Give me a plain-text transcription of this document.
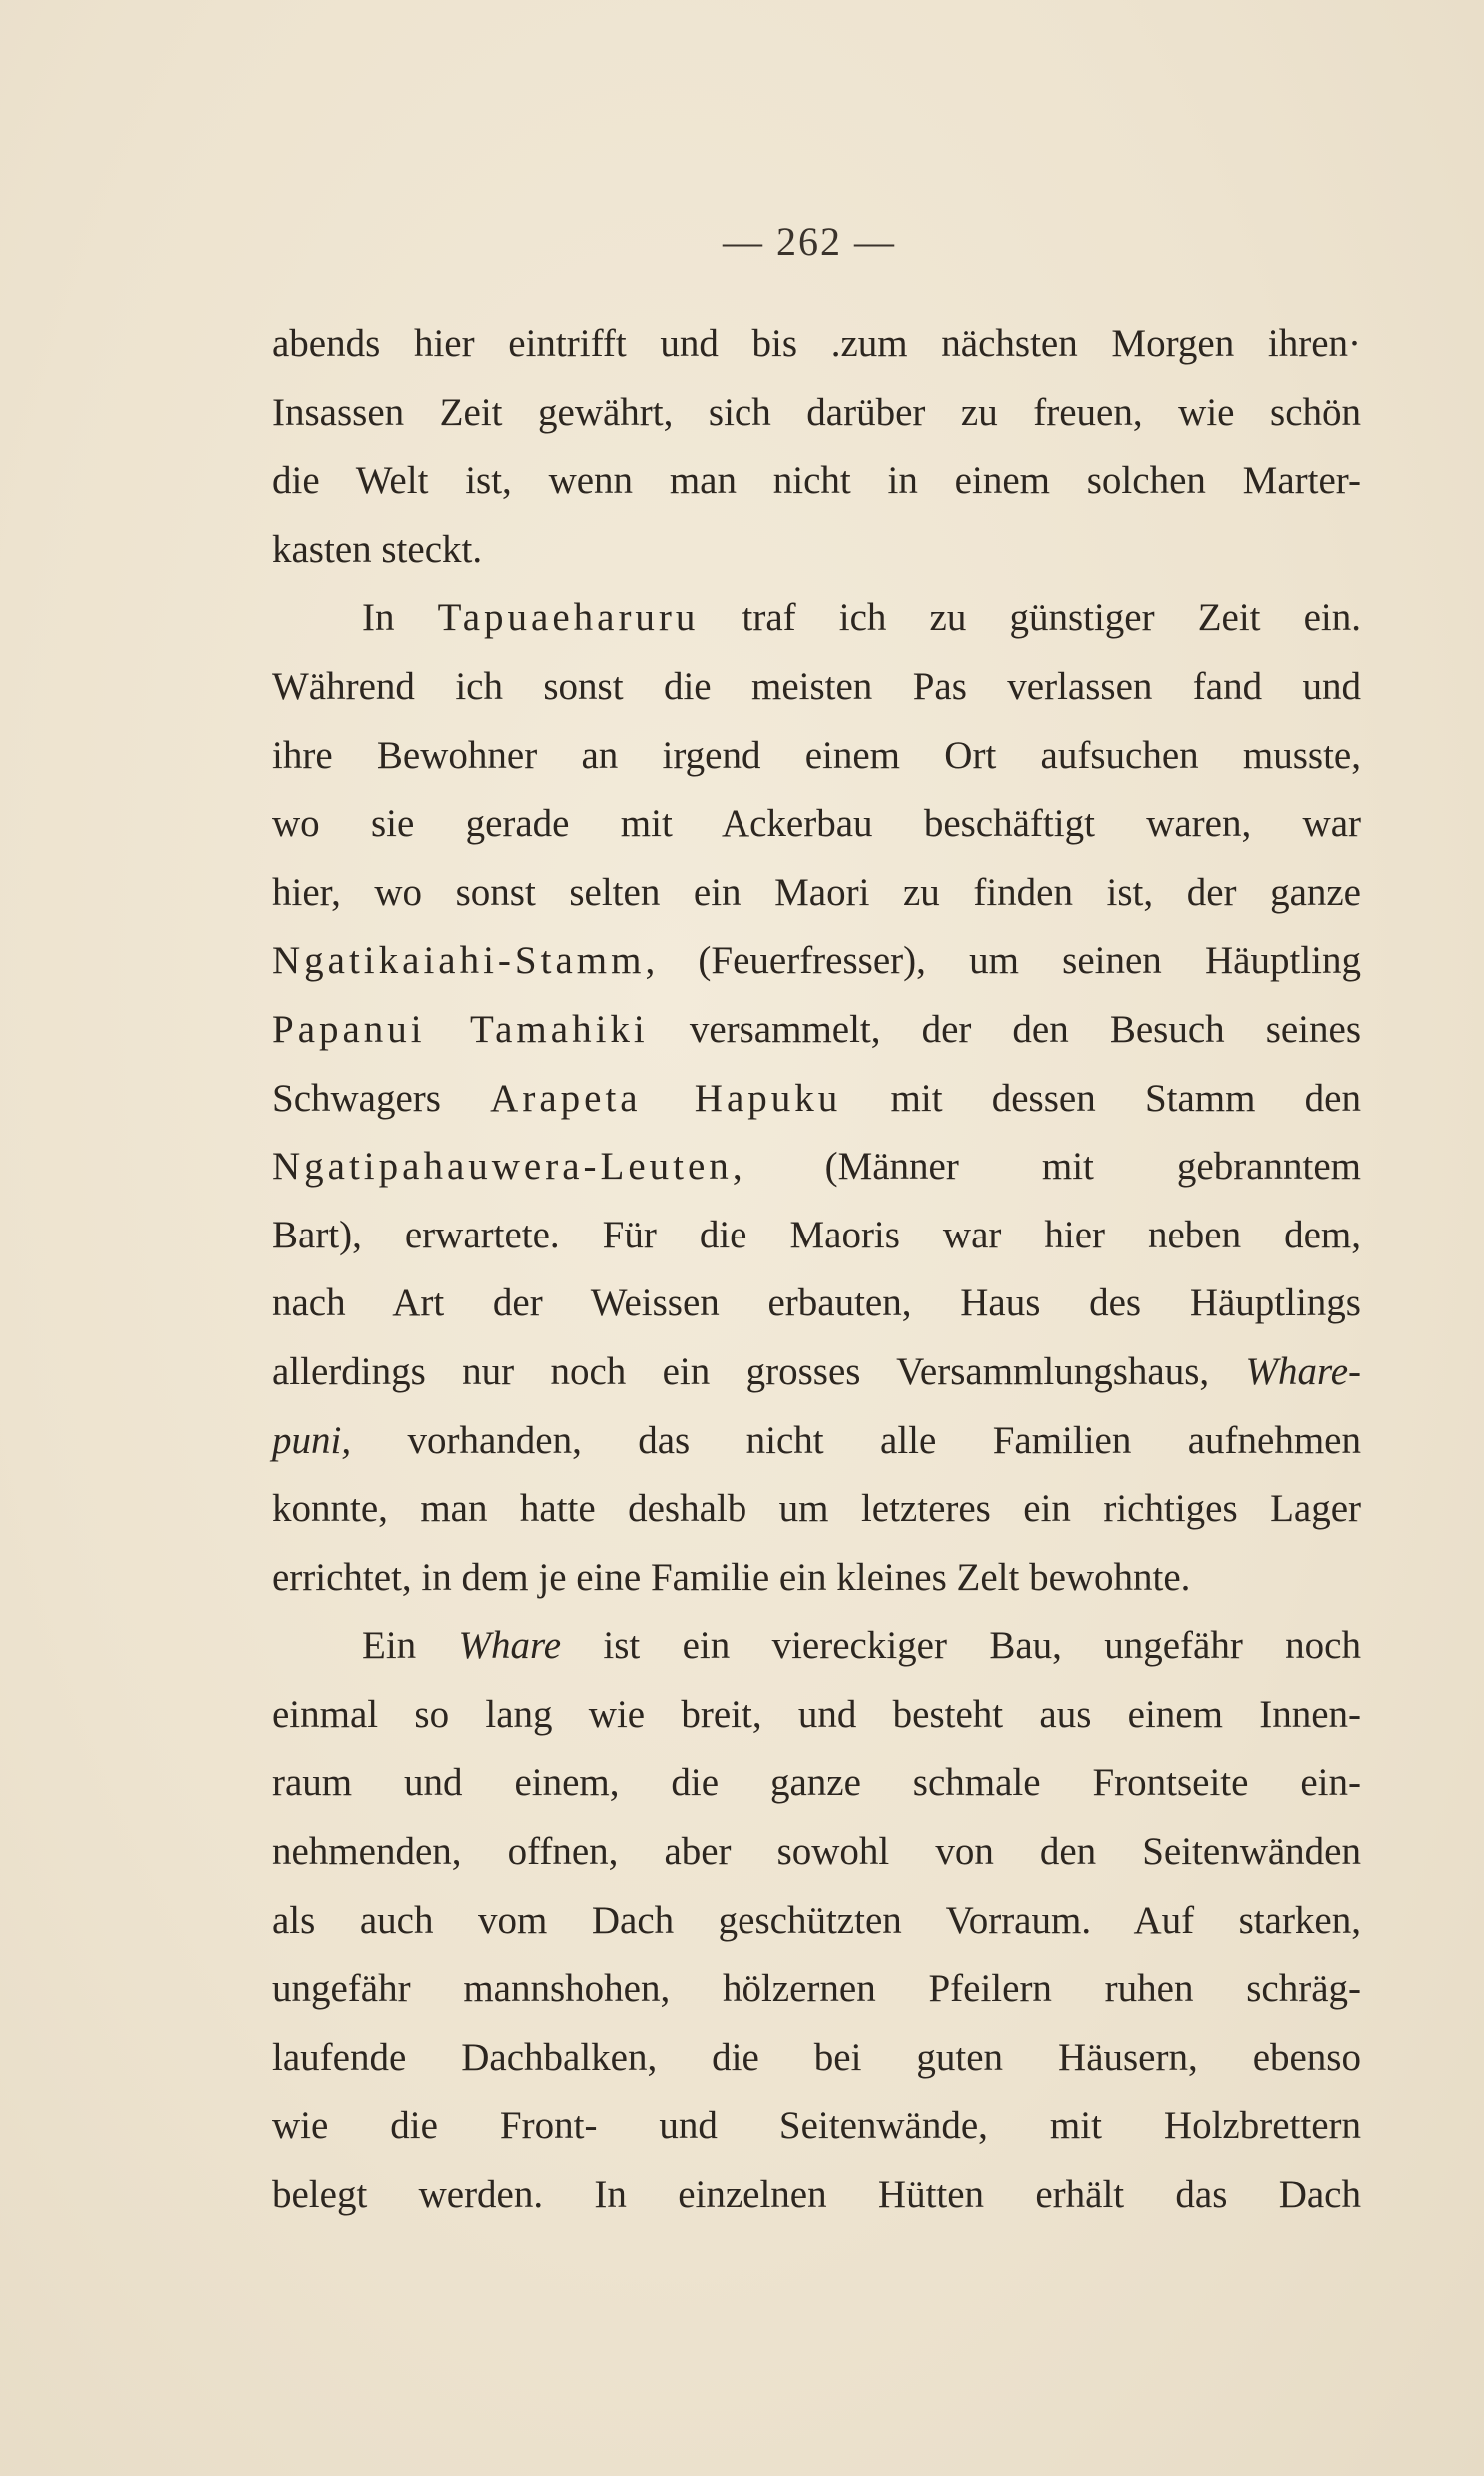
— 262 —
abends hier eintrifft und bis .zum nächsten Morgen ihren·
Insassen Zeit gewährt, sich darüber zu freuen, wie schön
die Welt ist, wenn man nicht in einem solchen Marter-
kasten steckt.
In Tapuaeharuru traf ich zu günstiger Zeit ein.
Während ich sonst die meisten Pas verlassen fand und
ihre Bewohner an irgend einem Ort aufsuchen musste,
wo sie gerade mit Ackerbau beschäftigt waren, war
hier, wo sonst selten ein Maori zu finden ist, der ganze
Ngatikaiahi-Stamm, (Feuerfresser), um seinen Häuptling
Papanui Tamahiki versammelt, der den Besuch seines
Schwagers Arapeta Hapuku mit dessen Stamm den
Ngatipahauwera-Leuten, (Männer mit gebranntem
Bart), erwartete. Für die Maoris war hier neben dem,
nach Art der Weissen erbauten, Haus des Häuptlings
allerdings nur noch ein grosses Versammlungshaus, Whare-
puni, vorhanden, das nicht alle Familien aufnehmen
konnte, man hatte deshalb um letzteres ein richtiges Lager
errichtet, in dem je eine Familie ein kleines Zelt bewohnte.
Ein Whare ist ein viereckiger Bau, ungefähr noch
einmal so lang wie breit, und besteht aus einem Innen-
raum und einem, die ganze schmale Frontseite ein-
nehmenden, offnen, aber sowohl von den Seitenwänden
als auch vom Dach geschützten Vorraum. Auf starken,
ungefähr mannshohen, hölzernen Pfeilern ruhen schräg-
laufende Dachbalken, die bei guten Häusern, ebenso
wie die Front- und Seitenwände, mit Holzbrettern
belegt werden. In einzelnen Hütten erhält das Dach
